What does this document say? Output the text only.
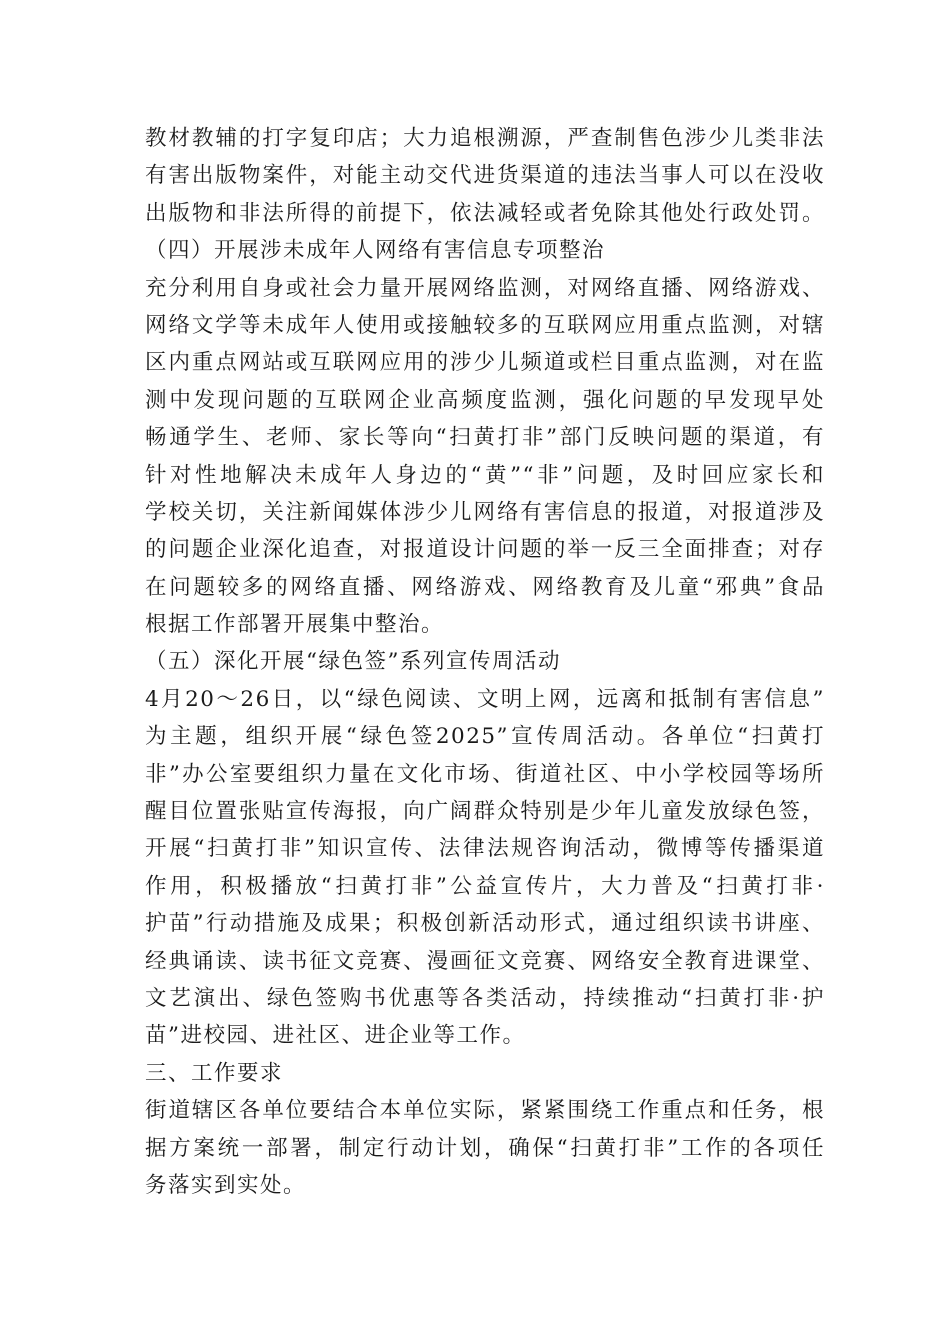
教材教辅的打字复印店；大力追根溯源，严查制售色涉少儿类非法
有害出版物案件，对能主动交代进货渠道的违法当事人可以在没收
出版物和非法所得的前提下，依法减轻或者免除其他处行政处罚。
（四）开展涉未成年人网络有害信息专项整治
充分利用自身或社会力量开展网络监测，对网络直播、网络游戏、
网络文学等未成年人使用或接触较多的互联网应用重点监测，对辖
区内重点网站或互联网应用的涉少儿频道或栏目重点监测，对在监
测中发现问题的互联网企业高频度监测，强化问题的早发现早处
畅通学生、老师、家长等向“扫黄打非”部门反映问题的渠道，有
针对性地解决未成年人身边的“黄”“非”问题，及时回应家长和
学校关切，关注新闻媒体涉少儿网络有害信息的报道，对报道涉及
的问题企业深化追查，对报道设计问题的举一反三全面排查；对存
在问题较多的网络直播、网络游戏、网络教育及儿童“邪典”食品
根据工作部署开展集中整治。
（五）深化开展“绿色签”系列宣传周活动
4月20～26日，以“绿色阅读、文明上网，远离和抵制有害信息”
为主题，组织开展“绿色签2025”宣传周活动。各单位“扫黄打
非”办公室要组织力量在文化市场、街道社区、中小学校园等场所
醒目位置张贴宣传海报，向广阔群众特别是少年儿童发放绿色签，
开展“扫黄打非”知识宣传、法律法规咨询活动，微博等传播渠道
作用，积极播放“扫黄打非”公益宣传片，大力普及“扫黄打非·
护苗”行动措施及成果；积极创新活动形式，通过组织读书讲座、
经典诵读、读书征文竞赛、漫画征文竞赛、网络安全教育进课堂、
文艺演出、绿色签购书优惠等各类活动，持续推动“扫黄打非·护
苗”进校园、进社区、进企业等工作。
三、工作要求
街道辖区各单位要结合本单位实际，紧紧围绕工作重点和任务，根
据方案统一部署，制定行动计划，确保“扫黄打非”工作的各项任
务落实到实处。
